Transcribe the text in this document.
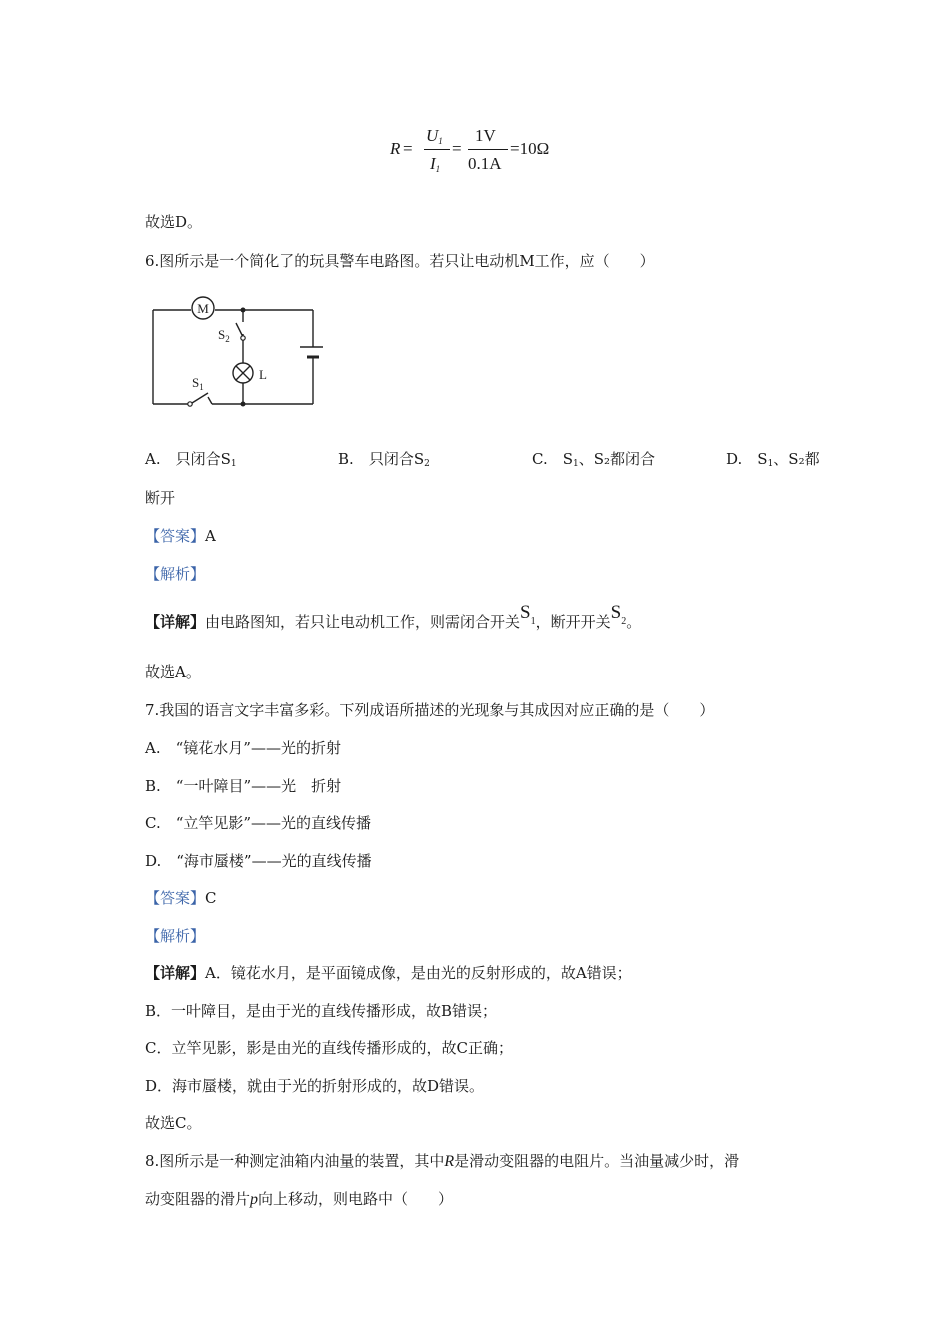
R =
U1
I1
=
1V
0.1A
=10Ω
故选D。
6.图所示是一个简化了的玩具警车电路图。若只让电动机M工作，应（　　）
M
$S_2$
L
$S_1$
A.　 只闭合$S_1$	B.　 只闭合$S_2$	C.　 $S_1$、S₂都闭合	D.　 $S_1$、S₂都
断开
【答案】A
【解析】
【详解】由电路图知，若只让电动机工作，则需闭合开关$S_1$，断开开关$S_2$。
故选A。
7.我国的语言文字丰富多彩。下列成语所描述的光现象与其成因对应正确的是（　　）
A.　“镜花水月”——光的折射
B.　“一叶障目”——光　折射
C.　“立竿见影”——光的直线传播
D.　“海市蜃楼”——光的直线传播
【答案】C
【解析】
【详解】A．镜花水月，是平面镜成像，是由光的反射形成的，故A错误；
B．一叶障目，是由于光的直线传播形成，故B错误；
C．立竿见影，影是由光的直线传播形成的，故C正确；
D．海市蜃楼，就由于光的折射形成的，故D错误。
故选C。
8.图所示是一种测定油箱内油量的装置，其中R是滑动变阻器的电阻片。当油量减少时，滑
动变阻器的滑片p向上移动，则电路中（　　）
